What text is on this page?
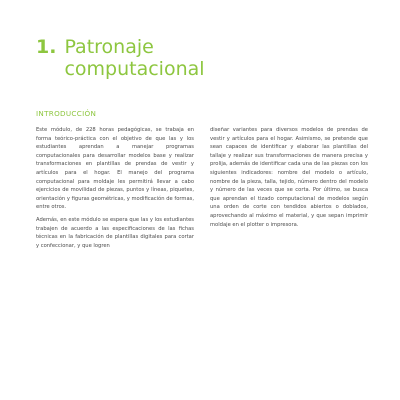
1. Patronaje computacional
INTRODUCCIÓN

Este módulo, de 228 horas pedagógicas, se trabaja en forma teórico-práctica con el objetivo de que las y los estudiantes aprendan a manejar programas computacionales para desarrollar modelos base y realizar transformaciones en plantillas de prendas de vestir y artículos para el hogar. El manejo del programa computacional para moldaje les permitirá llevar a cabo ejercicios de movilidad de piezas, puntos y líneas, piquetes, orientación y figuras geométricas, y modificación de formas, entre otros.

Además, en este módulo se espera que las y los estudiantes trabajen de acuerdo a las especificaciones de las fichas técnicas en la fabricación de plantillas digitales para cortar y confeccionar, y que logren

diseñar variantes para diversos modelos de prendas de vestir y artículos para el hogar. Asimismo, se pretende que sean capaces de identificar y elaborar las plantillas del tallaje y realizar sus transformaciones de manera precisa y prolija, además de identificar cada una de las piezas con los siguientes indicadores: nombre del modelo o artículo, nombre de la pieza, talla, tejido, número dentro del modelo y número de las veces que se corta. Por último, se busca que aprendan el tizado computacional de modelos según una orden de corte con tendidos abiertos o doblados, aprovechando al máximo el material, y que sepan imprimir moldaje en el plotter o impresora.
